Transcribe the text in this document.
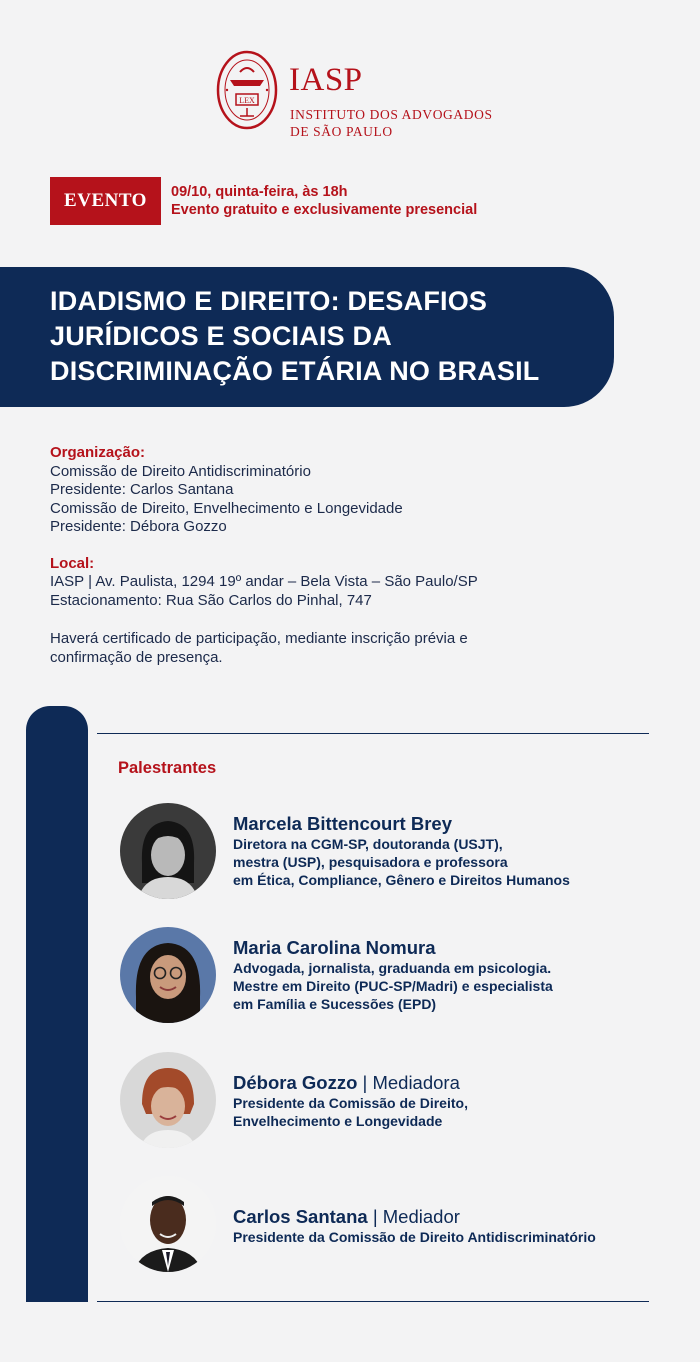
LEX
IASP
INSTITUTO DOS ADVOGADOS
DE SÃO PAULO
EVENTO	09/10, quinta-feira, às 18h
Evento gratuito e exclusivamente presencial
IDADISMO E DIREITO: DESAFIOS JURÍDICOS E SOCIAIS DA DISCRIMINAÇÃO ETÁRIA NO BRASIL
Organização:
Comissão de Direito Antidiscriminatório
Presidente: Carlos Santana
Comissão de Direito, Envelhecimento e Longevidade
Presidente: Débora Gozzo
Local:
IASP | Av. Paulista, 1294 19º andar – Bela Vista – São Paulo/SP
Estacionamento: Rua São Carlos do Pinhal, 747
Haverá certificado de participação, mediante inscrição prévia e confirmação de presença.
Palestrantes
Marcela Bittencourt Brey
Diretora na CGM-SP, doutoranda (USJT),
mestra (USP), pesquisadora e professora
em Ética, Compliance, Gênero e Direitos Humanos
Maria Carolina Nomura
Advogada, jornalista, graduanda em psicologia.
Mestre em Direito (PUC-SP/Madri) e especialista
em Família e Sucessões (EPD)
Débora Gozzo | Mediadora
Presidente da Comissão de Direito,
Envelhecimento e Longevidade
Carlos Santana | Mediador
Presidente da Comissão de Direito Antidiscriminatório
